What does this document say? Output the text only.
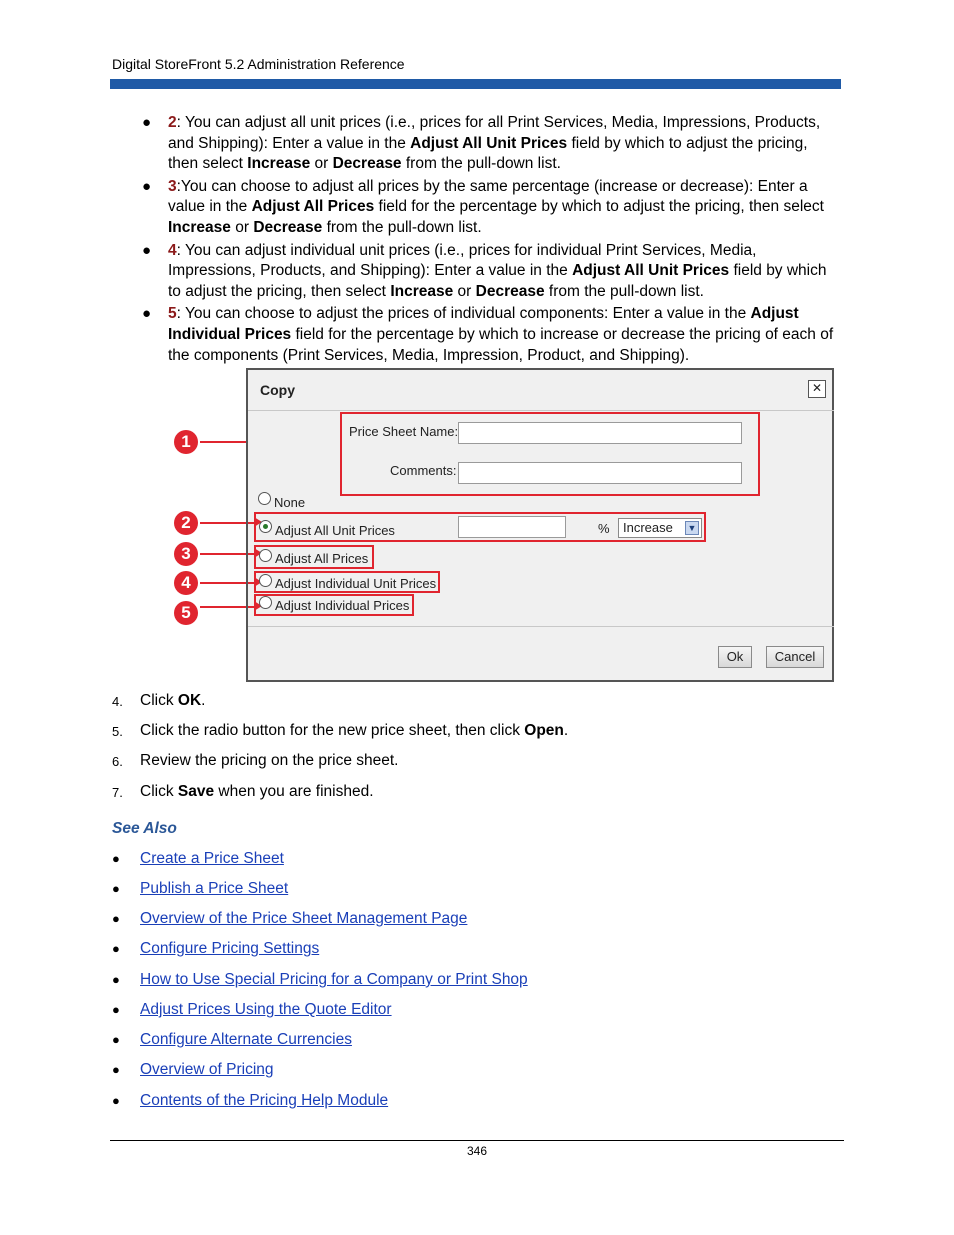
Digital StoreFront 5.2 Administration Reference
● 2: You can adjust all unit prices (i.e., prices for all Print Services, Media, Impressions, Products, and Shipping): Enter a value in the Adjust All Unit Prices field by which to adjust the pricing, then select Increase or Decrease from the pull-down list.
● 3:You can choose to adjust all prices by the same percentage (increase or decrease): Enter a value in the Adjust All Prices field for the percentage by which to adjust the pricing, then select Increase or Decrease from the pull-down list.
● 4: You can adjust individual unit prices (i.e., prices for individual Print Services, Media, Impressions, Products, and Shipping): Enter a value in the Adjust All Unit Prices field by which to adjust the pricing, then select Increase or Decrease from the pull-down list.
● 5: You can choose to adjust the prices of individual components: Enter a value in the Adjust Individual Prices field for the percentage by which to increase or decrease the pricing of each of the components (Print Services, Media, Impression, Product, and Shipping).
1
2
3
4
5
Copy	✕
Price Sheet Name:
Comments:
None
Adjust All Unit Prices	%	Increase ▼
Adjust All Prices
Adjust Individual Unit Prices
Adjust Individual Prices
Ok	Cancel
4. Click OK.
5. Click the radio button for the new price sheet, then click Open.
6. Review the pricing on the price sheet.
7. Click Save when you are finished.
See Also
● Create a Price Sheet
● Publish a Price Sheet
● Overview of the Price Sheet Management Page
● Configure Pricing Settings
● How to Use Special Pricing for a Company or Print Shop
● Adjust Prices Using the Quote Editor
● Configure Alternate Currencies
● Overview of Pricing
● Contents of the Pricing Help Module
346
